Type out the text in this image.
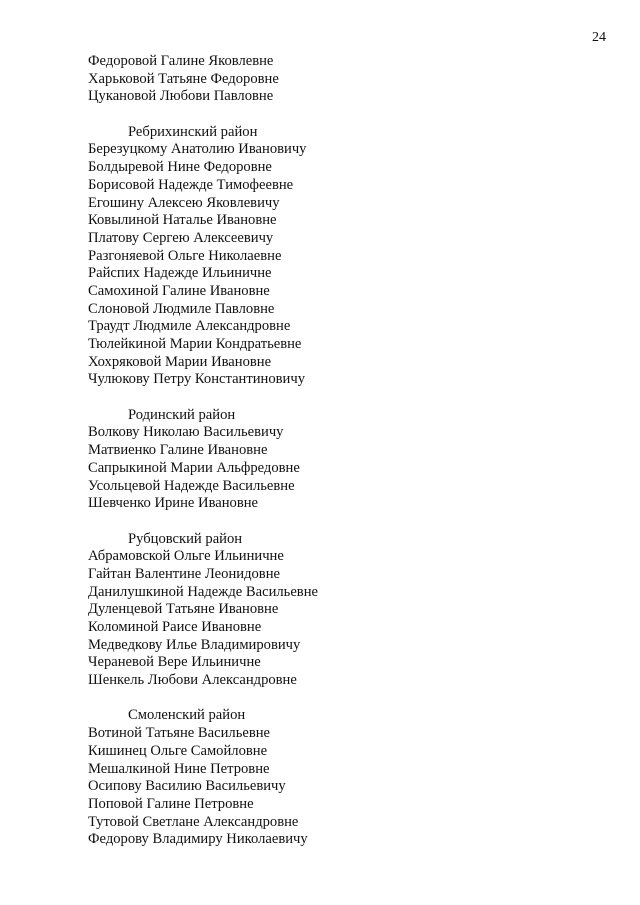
24
Федоровой Галине Яковлевне
Харьковой Татьяне Федоровне
Цукановой Любови Павловне
Ребрихинский район
Березуцкому Анатолию Ивановичу
Болдыревой Нине Федоровне
Борисовой Надежде Тимофеевне
Егошину Алексею Яковлевичу
Ковылиной Наталье Ивановне
Платову Сергею Алексеевичу
Разгоняевой Ольге Николаевне
Райспих Надежде Ильиничне
Самохиной Галине Ивановне
Слоновой Людмиле Павловне
Траудт Людмиле Александровне
Тюлейкиной Марии Кондратьевне
Хохряковой Марии Ивановне
Чулюкову Петру Константиновичу
Родинский район
Волкову Николаю Васильевичу
Матвиенко Галине Ивановне
Сапрыкиной Марии Альфредовне
Усольцевой Надежде Васильевне
Шевченко Ирине Ивановне
Рубцовский район
Абрамовской Ольге Ильиничне
Гайтан Валентине Леонидовне
Данилушкиной Надежде Васильевне
Дуленцевой Татьяне Ивановне
Коломиной Раисе Ивановне
Медведкову Илье Владимировичу
Чераневой Вере Ильиничне
Шенкель Любови Александровне
Смоленский район
Вотиной Татьяне Васильевне
Кишинец Ольге Самойловне
Мешалкиной Нине Петровне
Осипову Василию Васильевичу
Поповой Галине Петровне
Тутовой Светлане Александровне
Федорову Владимиру Николаевичу
